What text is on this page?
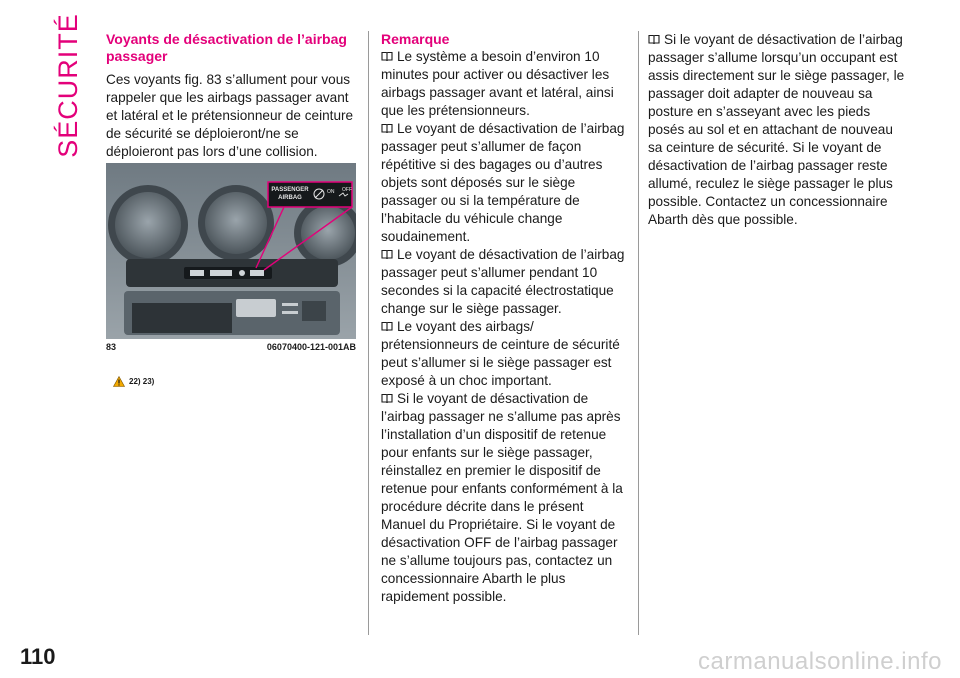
SÉCURITÉ Voyants de désactivation de l’airbag passager

Ces voyants fig. 83 s’allument pour vous rappeler que les airbags passager avant et latéral et le prétensionneur de ceinture de sécurité se déploieront/ne se déploieront pas lors d’une collision.

PASSENGER
AIRBAG
ON OFF
83	06070400-121-001AB
22) 23)

Remarque

Le système a besoin d’environ 10 minutes pour activer ou désactiver les airbags passager avant et latéral, ainsi que les prétensionneurs.

Le voyant de désactivation de l’airbag passager peut s’allumer de façon répétitive si des bagages ou d’autres objets sont déposés sur le siège passager ou si la température de l’habitacle du véhicule change soudainement.

Le voyant de désactivation de l’airbag passager peut s’allumer pendant 10 secondes si la capacité électrostatique change sur le siège passager.

Le voyant des airbags/ prétensionneurs de ceinture de sécurité peut s’allumer si le siège passager est exposé à un choc important.

Si le voyant de désactivation de l’airbag passager ne s’allume pas après l’installation d’un dispositif de retenue pour enfants sur le siège passager, réinstallez en premier le dispositif de retenue pour enfants conformément à la procédure décrite dans le présent Manuel du Propriétaire. Si le voyant de désactivation OFF de l’airbag passager ne s’allume toujours pas, contactez un concessionnaire Abarth le plus rapidement possible.

Si le voyant de désactivation de l’airbag passager s’allume lorsqu’un occupant est assis directement sur le siège passager, le passager doit adapter de nouveau sa posture en s’asseyant avec les pieds posés au sol et en attachant de nouveau sa ceinture de sécurité. Si le voyant de désactivation de l’airbag passager reste allumé, reculez le siège passager le plus possible. Contactez un concessionnaire Abarth dès que possible.

110	carmanualsonline.info
